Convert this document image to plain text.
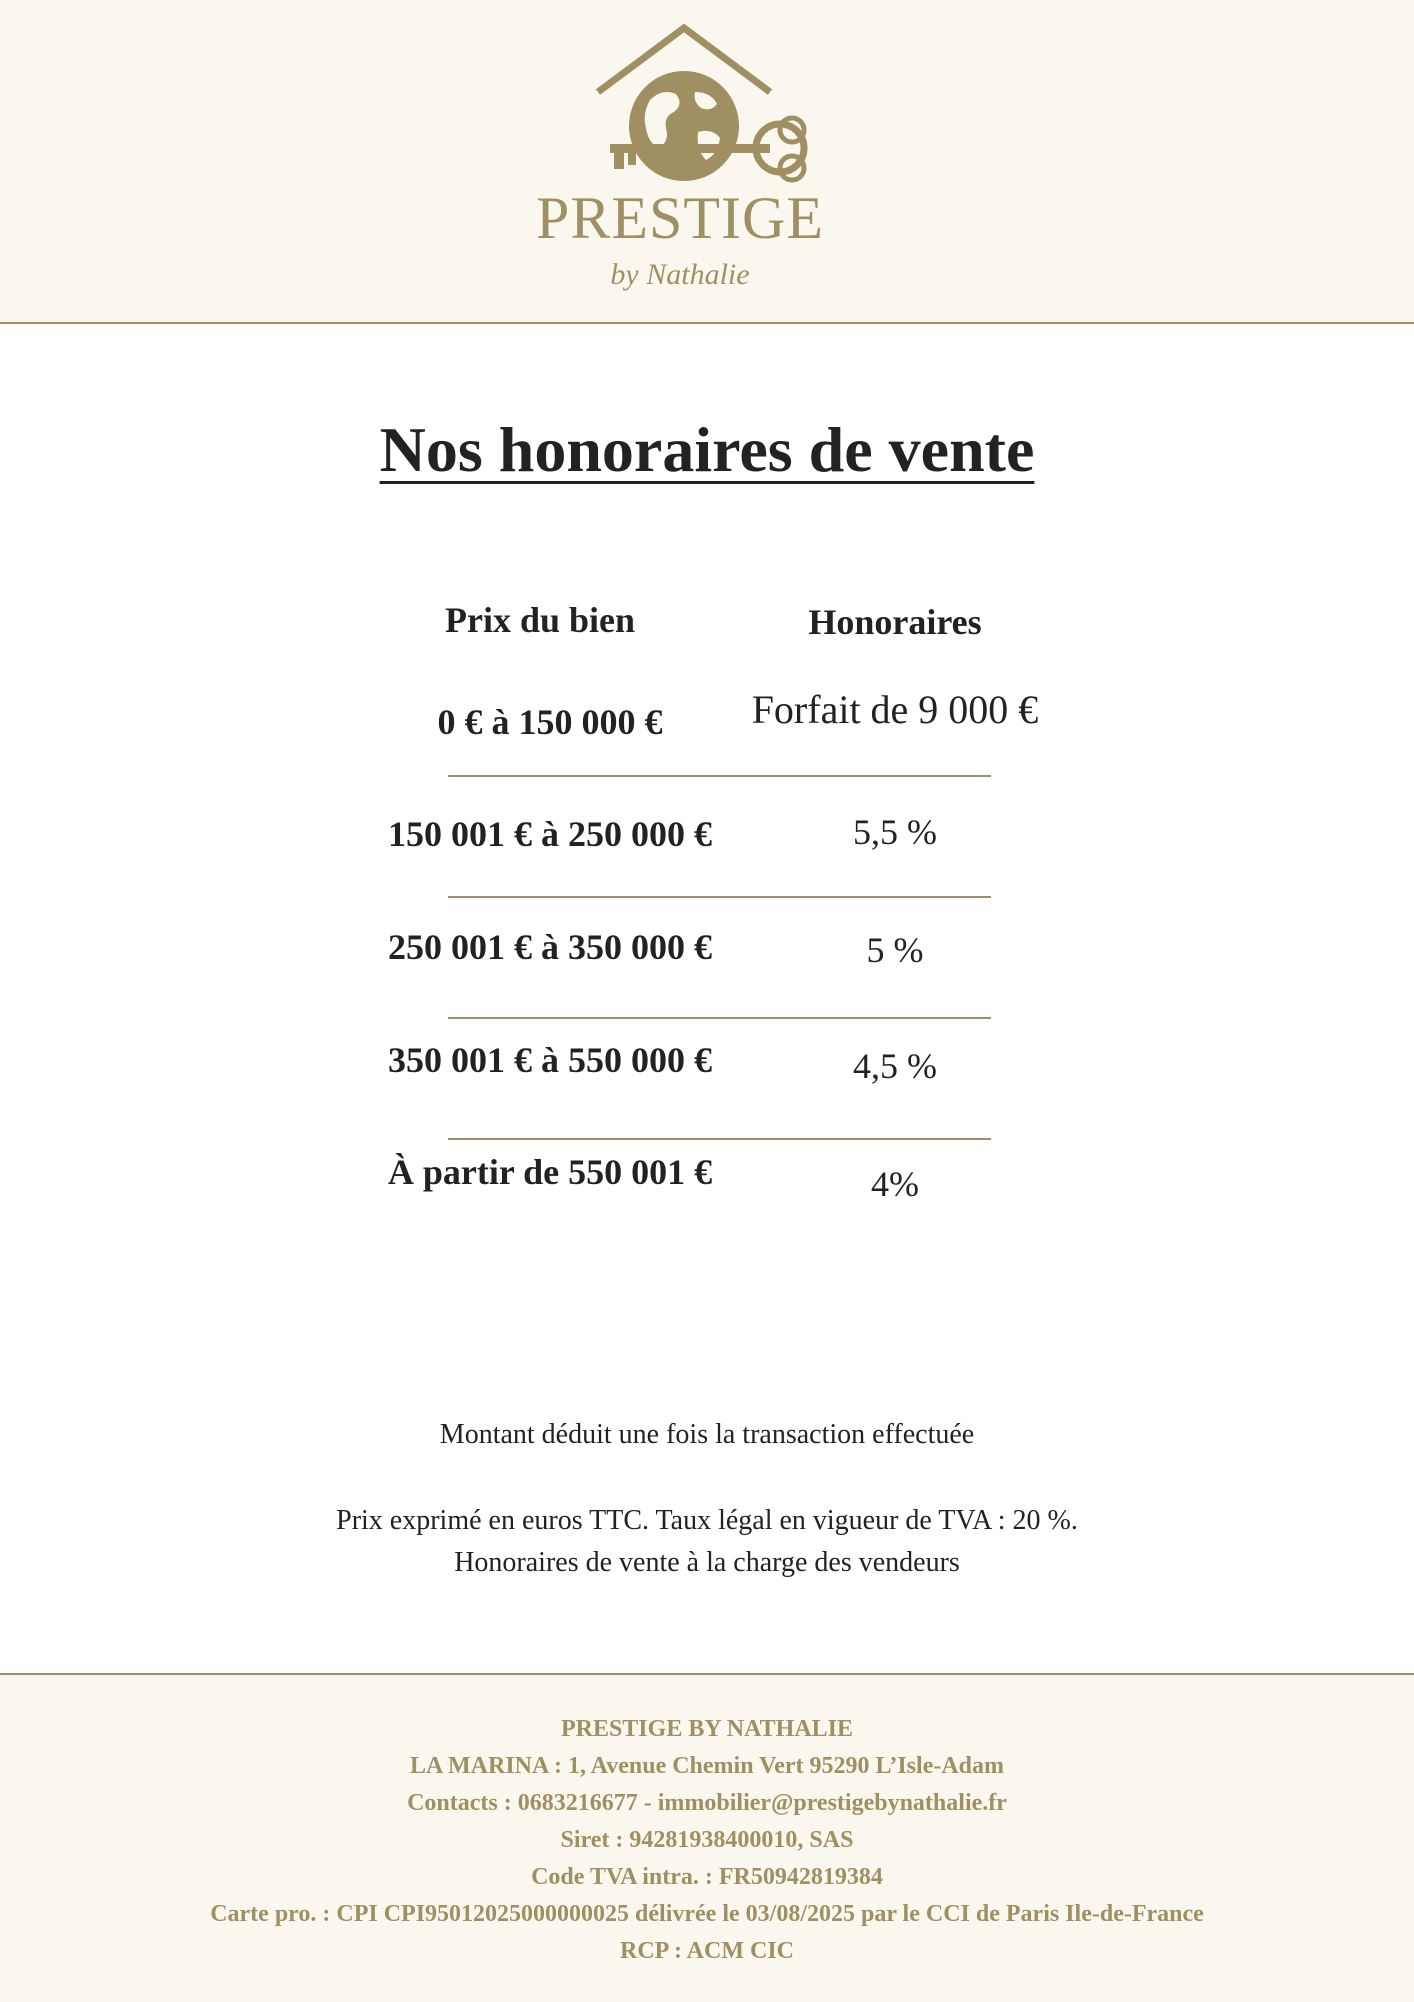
PRESTIGE
by Nathalie
Nos honoraires de vente
Prix du bien	Honoraires
0 € à 150 000 €	Forfait de 9 000 €
150 001 € à 250 000 €	5,5 %
250 001 € à 350 000 €	5 %
350 001 € à 550 000 €	4,5 %
À partir de 550 001 €	4%
Montant déduit une fois la transaction effectuée
Prix exprimé en euros TTC. Taux légal en vigueur de TVA : 20 %.
Honoraires de vente à la charge des vendeurs
PRESTIGE BY NATHALIE
LA MARINA : 1, Avenue Chemin Vert 95290 L’Isle-Adam
Contacts : 0683216677 - immobilier@prestigebynathalie.fr
Siret : 94281938400010, SAS
Code TVA intra. : FR50942819384
Carte pro. : CPI CPI95012025000000025 délivrée le 03/08/2025 par le CCI de Paris Ile-de-France
RCP : ACM CIC
